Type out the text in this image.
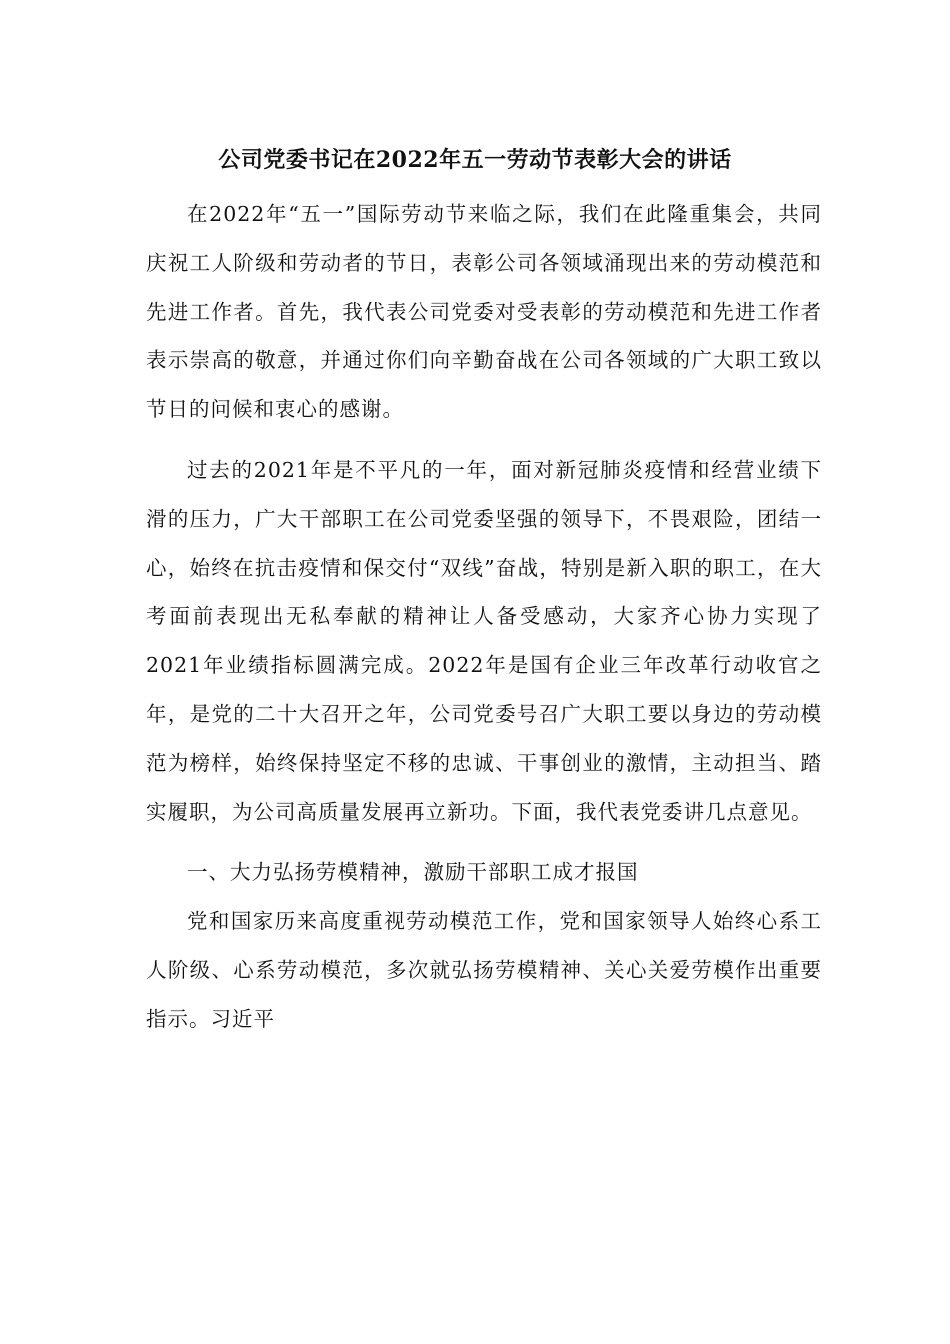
公司党委书记在2022年五一劳动节表彰大会的讲话

在2022年“五一”国际劳动节来临之际，我们在此隆重集会，共同庆祝工人阶级和劳动者的节日，表彰公司各领域涌现出来的劳动模范和先进工作者。首先，我代表公司党委对受表彰的劳动模范和先进工作者表示崇高的敬意，并通过你们向辛勤奋战在公司各领域的广大职工致以节日的问候和衷心的感谢。

过去的2021年是不平凡的一年，面对新冠肺炎疫情和经营业绩下滑的压力，广大干部职工在公司党委坚强的领导下，不畏艰险，团结一心，始终在抗击疫情和保交付“双线”奋战，特别是新入职的职工，在大考面前表现出无私奉献的精神让人备受感动，大家齐心协力实现了2021年业绩指标圆满完成。2022年是国有企业三年改革行动收官之年，是党的二十大召开之年，公司党委号召广大职工要以身边的劳动模范为榜样，始终保持坚定不移的忠诚、干事创业的激情，主动担当、踏实履职，为公司高质量发展再立新功。下面，我代表党委讲几点意见。

一、大力弘扬劳模精神，激励干部职工成才报国

党和国家历来高度重视劳动模范工作，党和国家领导人始终心系工人阶级、心系劳动模范，多次就弘扬劳模精神、关心关爱劳模作出重要指示。习近平
